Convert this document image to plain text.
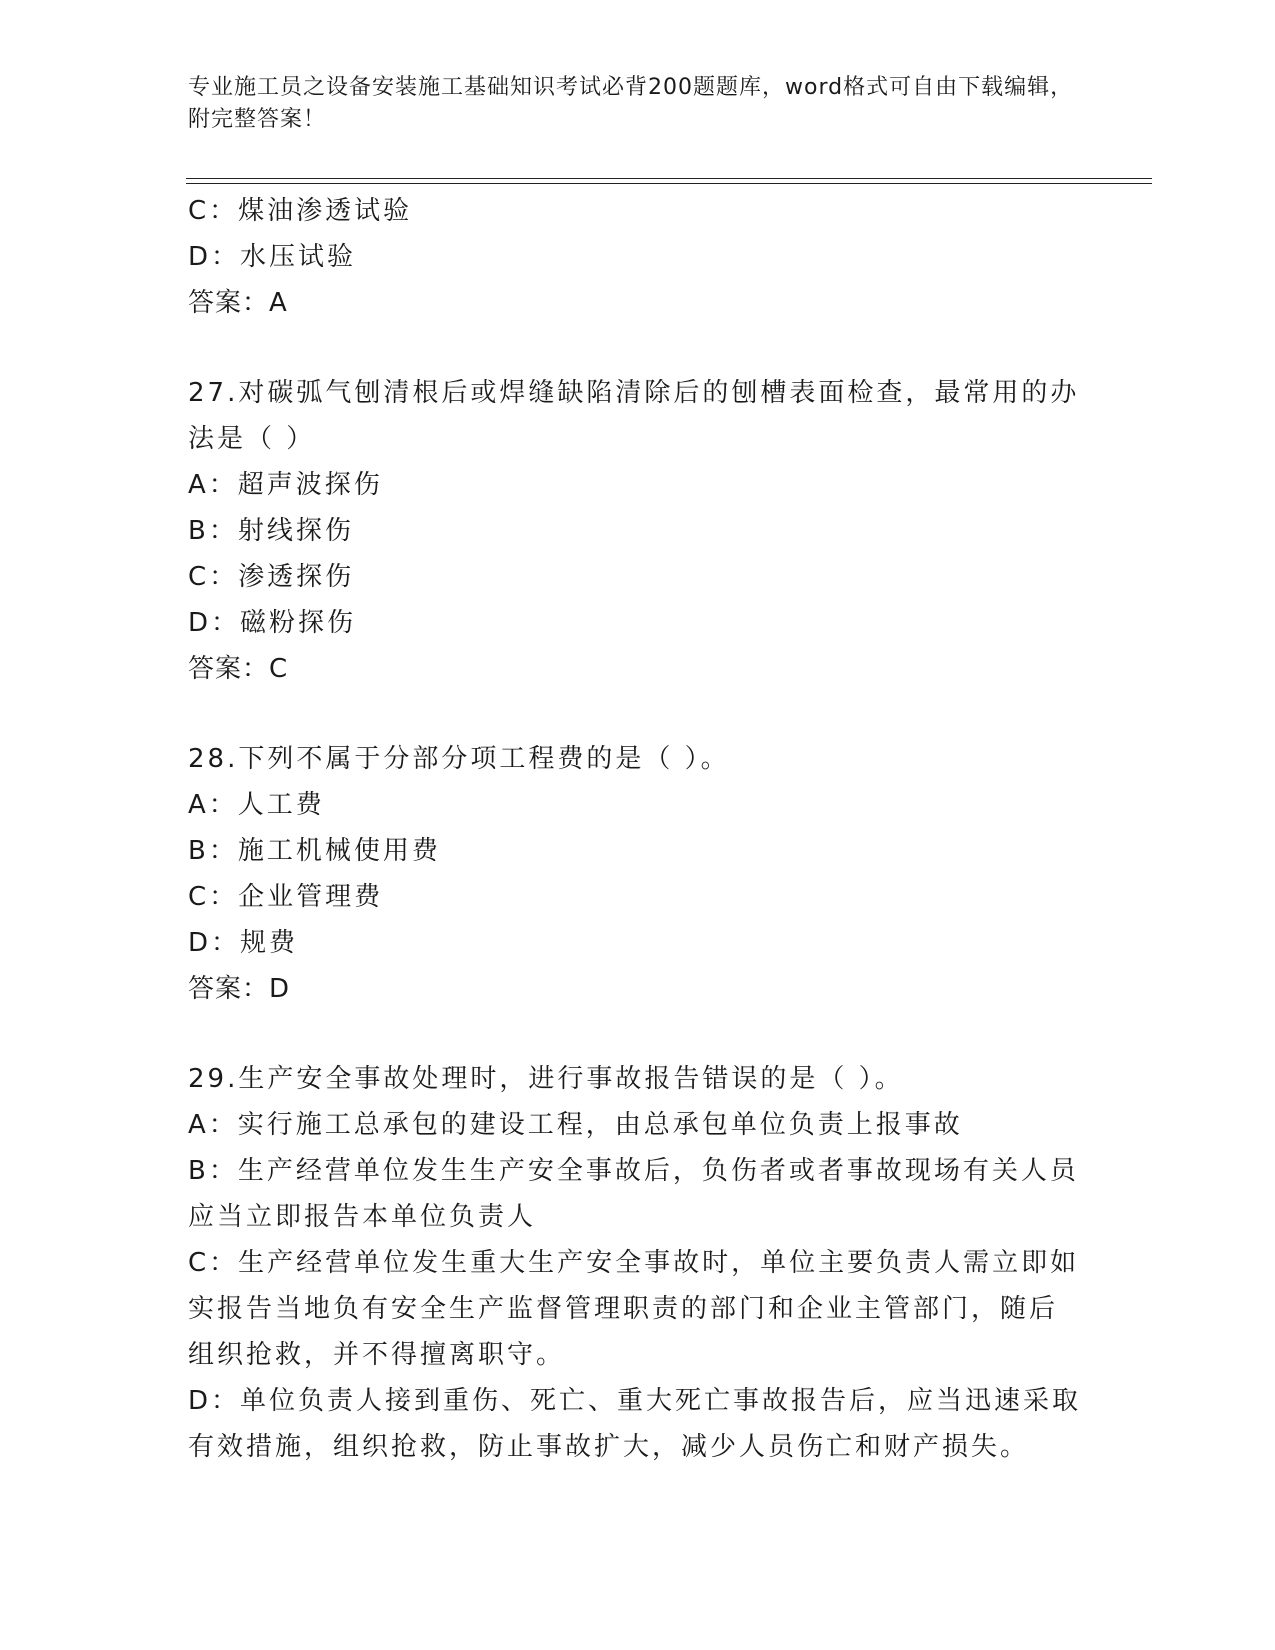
专业施工员之设备安装施工基础知识考试必背200题题库，word格式可自由下载编辑，附完整答案！
C：煤油渗透试验
D：水压试验
答案：A
27.对碳弧气刨清根后或焊缝缺陷清除后的刨槽表面检查，最常用的办
法是（ ）
A：超声波探伤
B：射线探伤
C：渗透探伤
D：磁粉探伤
答案：C
28.下列不属于分部分项工程费的是（ ）。
A：人工费
B：施工机械使用费
C：企业管理费
D：规费
答案：D
29.生产安全事故处理时，进行事故报告错误的是（ ）。
A：实行施工总承包的建设工程，由总承包单位负责上报事故
B：生产经营单位发生生产安全事故后，负伤者或者事故现场有关人员
应当立即报告本单位负责人
C：生产经营单位发生重大生产安全事故时，单位主要负责人需立即如
实报告当地负有安全生产监督管理职责的部门和企业主管部门，随后
组织抢救，并不得擅离职守。
D：单位负责人接到重伤、死亡、重大死亡事故报告后，应当迅速采取
有效措施，组织抢救，防止事故扩大，减少人员伤亡和财产损失。
